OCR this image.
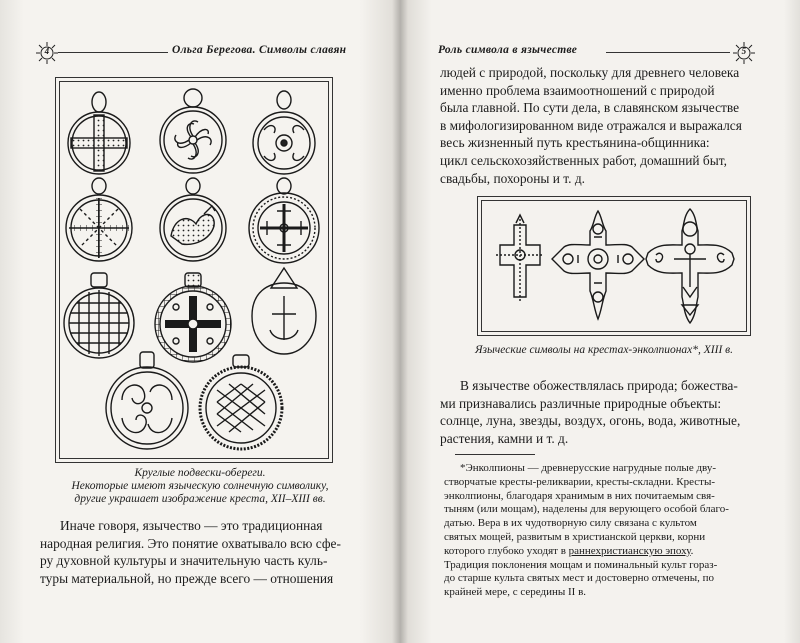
4	Ольга Берегова. Символы славян
Круглые подвески-обереги.
Некоторые имеют языческую солнечную символику,
другие украшает изображение креста, XII–XIII вв.

Иначе говоря, язычество — это традиционная

народная религия. Это понятие охватывало всю сфе-

ру духовной культуры и значительную часть куль-

туры материальной, но прежде всего — отношения

Роль символа в язычестве	5

людей с природой, поскольку для древнего человека

именно проблема взаимоотношений с природой

была главной. По сути дела, в славянском язычестве

в мифологизированном виде отражался и выражался

весь жизненный путь крестьянина-общинника:

цикл сельскохозяйственных работ, домашний быт,

свадьбы, похороны и т. д.

Языческие символы на крестах-энколпионах*, XIII в.

В язычестве обожествлялась природа; божества-

ми признавались различные природные объекты:

солнце, луна, звезды, воздух, огонь, вода, животные,

растения, камни и т. д.

*Энколпионы — древнерусские нагрудные полые дву-

створчатые кресты-реликварии, кресты-складни. Кресты-

энколпионы, благодаря хранимым в них почитаемым свя-

тыням (или мощам), наделены для верующего особой благо-

датью. Вера в их чудотворную силу связана с культом

святых мощей, развитым в христианской церкви, корни

которого глубоко уходят в раннехристианскую эпоху.

Традиция поклонения мощам и поминальный культ гораз-

до старше культа святых мест и достоверно отмечены, по

крайней мере, с середины II в.
